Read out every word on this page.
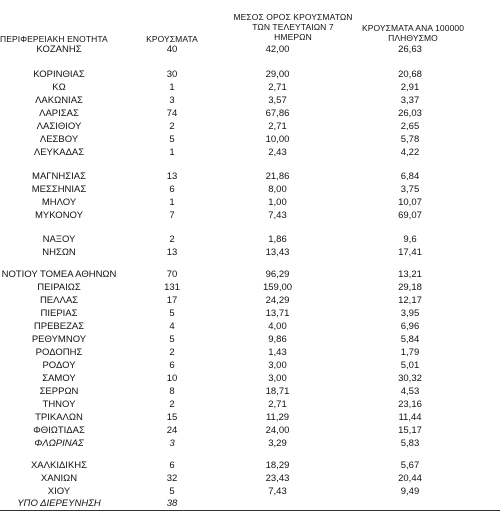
ΠΕΡΙΦΕΡΕΙΑΚΗ ΕΝΟΤΗΤΑ	ΚΡΟΥΣΜΑΤΑ
ΜΕΣΟΣ ΟΡΟΣ ΚΡΟΥΣΜΑΤΩΝ
ΤΩΝ ΤΕΛΕΥΤΑΙΩΝ 7
ΗΜΕΡΩΝ
ΚΡΟΥΣΜΑΤΑ ΑΝΑ 100000
ΠΛΗΘΥΣΜΟ
ΚΟΖΑΝΗΣ	40	42,00	26,63
ΚΟΡΙΝΘΙΑΣ	30	29,00	20,68
ΚΩ	1	2,71	2,91
ΛΑΚΩΝΙΑΣ	3	3,57	3,37
ΛΑΡΙΣΑΣ	74	67,86	26,03
ΛΑΣΙΘΙΟΥ	2	2,71	2,65
ΛΕΣΒΟΥ	5	10,00	5,78
ΛΕΥΚΑΔΑΣ	1	2,43	4,22
ΜΑΓΝΗΣΙΑΣ	13	21,86	6,84
ΜΕΣΣΗΝΙΑΣ	6	8,00	3,75
ΜΗΛΟΥ	1	1,00	10,07
ΜΥΚΟΝΟΥ	7	7,43	69,07
ΝΑΞΟΥ	2	1,86	9,6
ΝΗΣΩΝ	13	13,43	17,41
ΝΟΤΙΟΥ ΤΟΜΕΑ ΑΘΗΝΩΝ	70	96,29	13,21
ΠΕΙΡΑΙΩΣ	131	159,00	29,18
ΠΕΛΛΑΣ	17	24,29	12,17
ΠΙΕΡΙΑΣ	5	13,71	3,95
ΠΡΕΒΕΖΑΣ	4	4,00	6,96
ΡΕΘΥΜΝΟΥ	5	9,86	5,84
ΡΟΔΟΠΗΣ	2	1,43	1,79
ΡΟΔΟΥ	6	3,00	5,01
ΣΑΜΟΥ	10	3,00	30,32
ΣΕΡΡΩΝ	8	18,71	4,53
ΤΗΝΟΥ	2	2,71	23,16
ΤΡΙΚΑΛΩΝ	15	11,29	11,44
ΦΘΙΩΤΙΔΑΣ	24	24,00	15,17
ΦΛΩΡΙΝΑΣ	3	3,29	5,83
ΧΑΛΚΙΔΙΚΗΣ	6	18,29	5,67
ΧΑΝΙΩΝ	32	23,43	20,44
ΧΙΟΥ	5	7,43	9,49
ΥΠΟ ΔΙΕΡΕΥΝΗΣΗ	38
